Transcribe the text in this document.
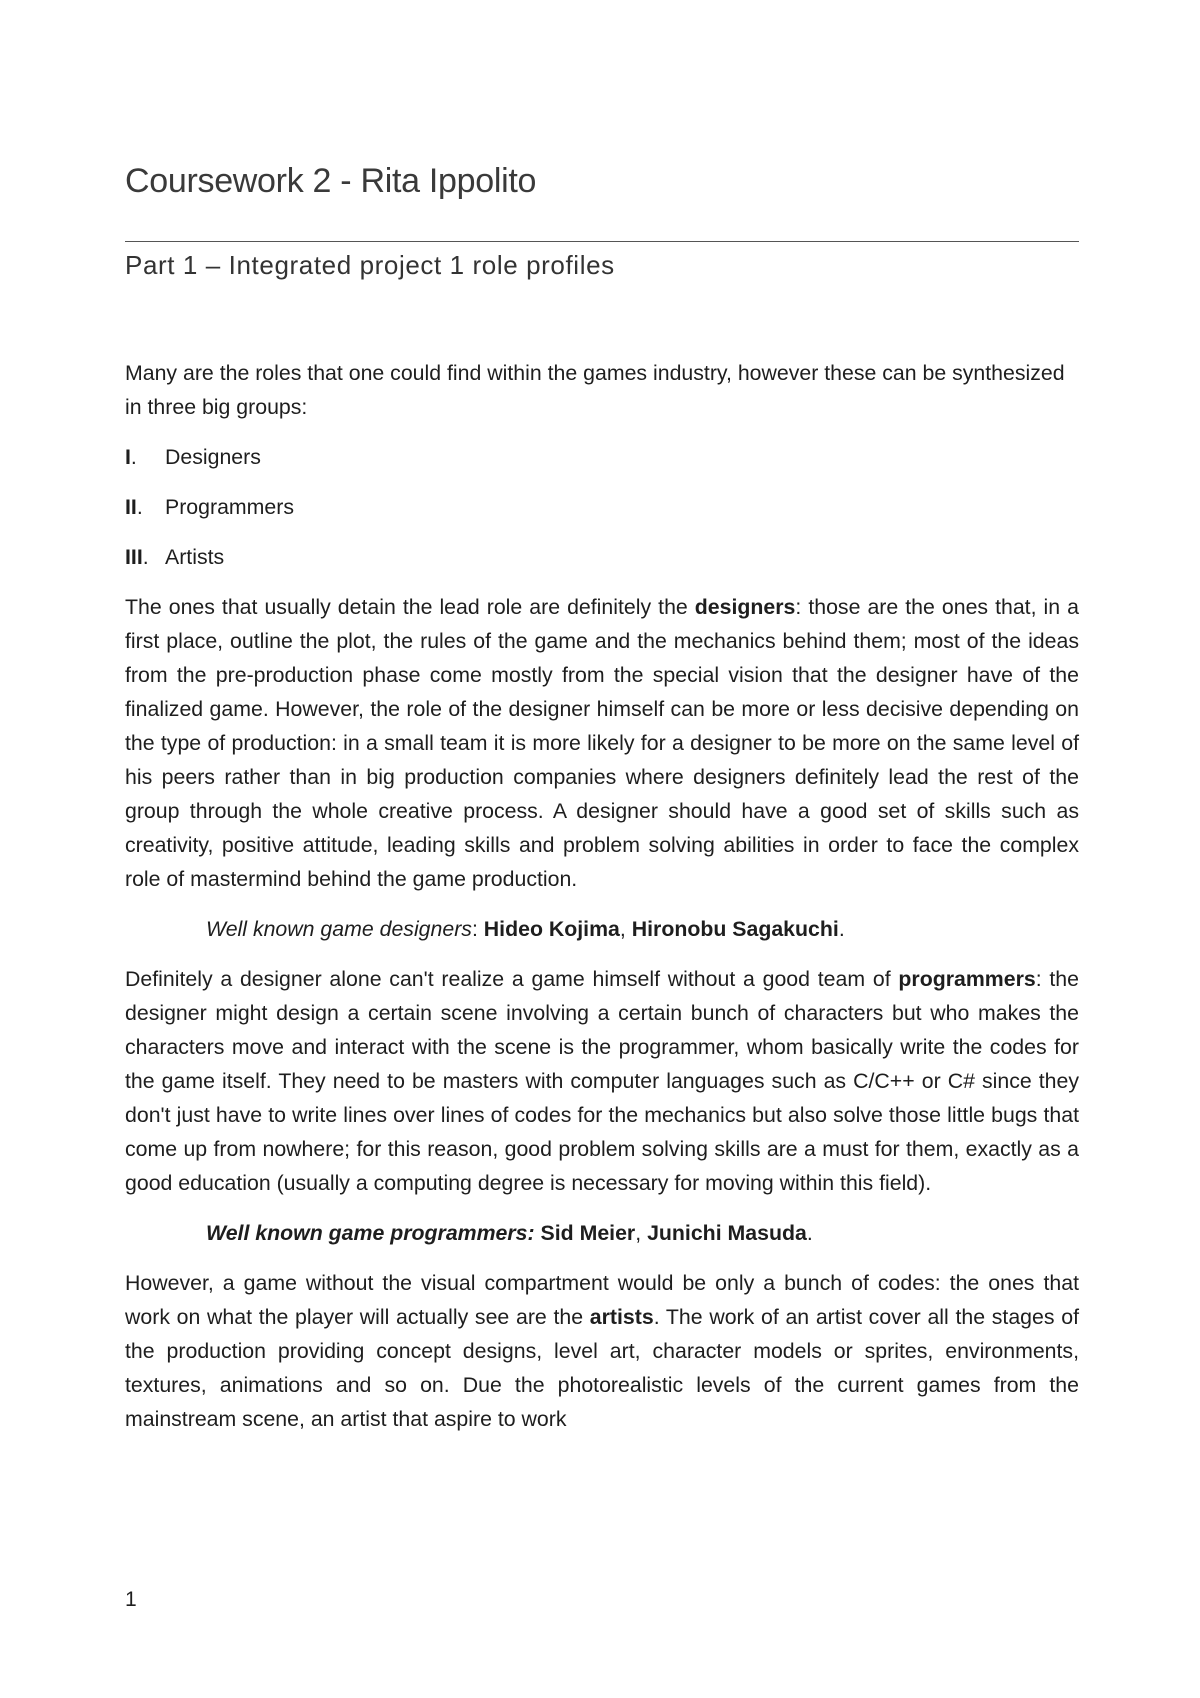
Coursework 2 - Rita Ippolito
Part 1 – Integrated project 1 role profiles

Many are the roles that one could find within the games industry, however these can be synthesized in three big groups:

I.	Designers
II.	Programmers
III. Artists

The ones that usually detain the lead role are definitely the designers: those are the ones that, in a first place, outline the plot, the rules of the game and the mechanics behind them; most of the ideas from the pre-production phase come mostly from the special vision that the designer have of the finalized game. However, the role of the designer himself can be more or less decisive depending on the type of production: in a small team it is more likely for a designer to be more on the same level of his peers rather than in big production companies where designers definitely lead the rest of the group through the whole creative process. A designer should have a good set of skills such as creativity, positive attitude, leading skills and problem solving abilities in order to face the complex role of mastermind behind the game production.

Well known game designers: Hideo Kojima, Hironobu Sagakuchi.

Definitely a designer alone can't realize a game himself without a good team of programmers: the designer might design a certain scene involving a certain bunch of characters but who makes the characters move and interact with the scene is the programmer, whom basically write the codes for the game itself. They need to be masters with computer languages such as C/C++ or C# since they don't just have to write lines over lines of codes for the mechanics but also solve those little bugs that come up from nowhere; for this reason, good problem solving skills are a must for them, exactly as a good education (usually a computing degree is necessary for moving within this field).

Well known game programmers: Sid Meier, Junichi Masuda.

However, a game without the visual compartment would be only a bunch of codes: the ones that work on what the player will actually see are the artists. The work of an artist cover all the stages of the production providing concept designs, level art, character models or sprites, environments, textures, animations and so on. Due the photorealistic levels of the current games from the mainstream scene, an artist that aspire to work

1
